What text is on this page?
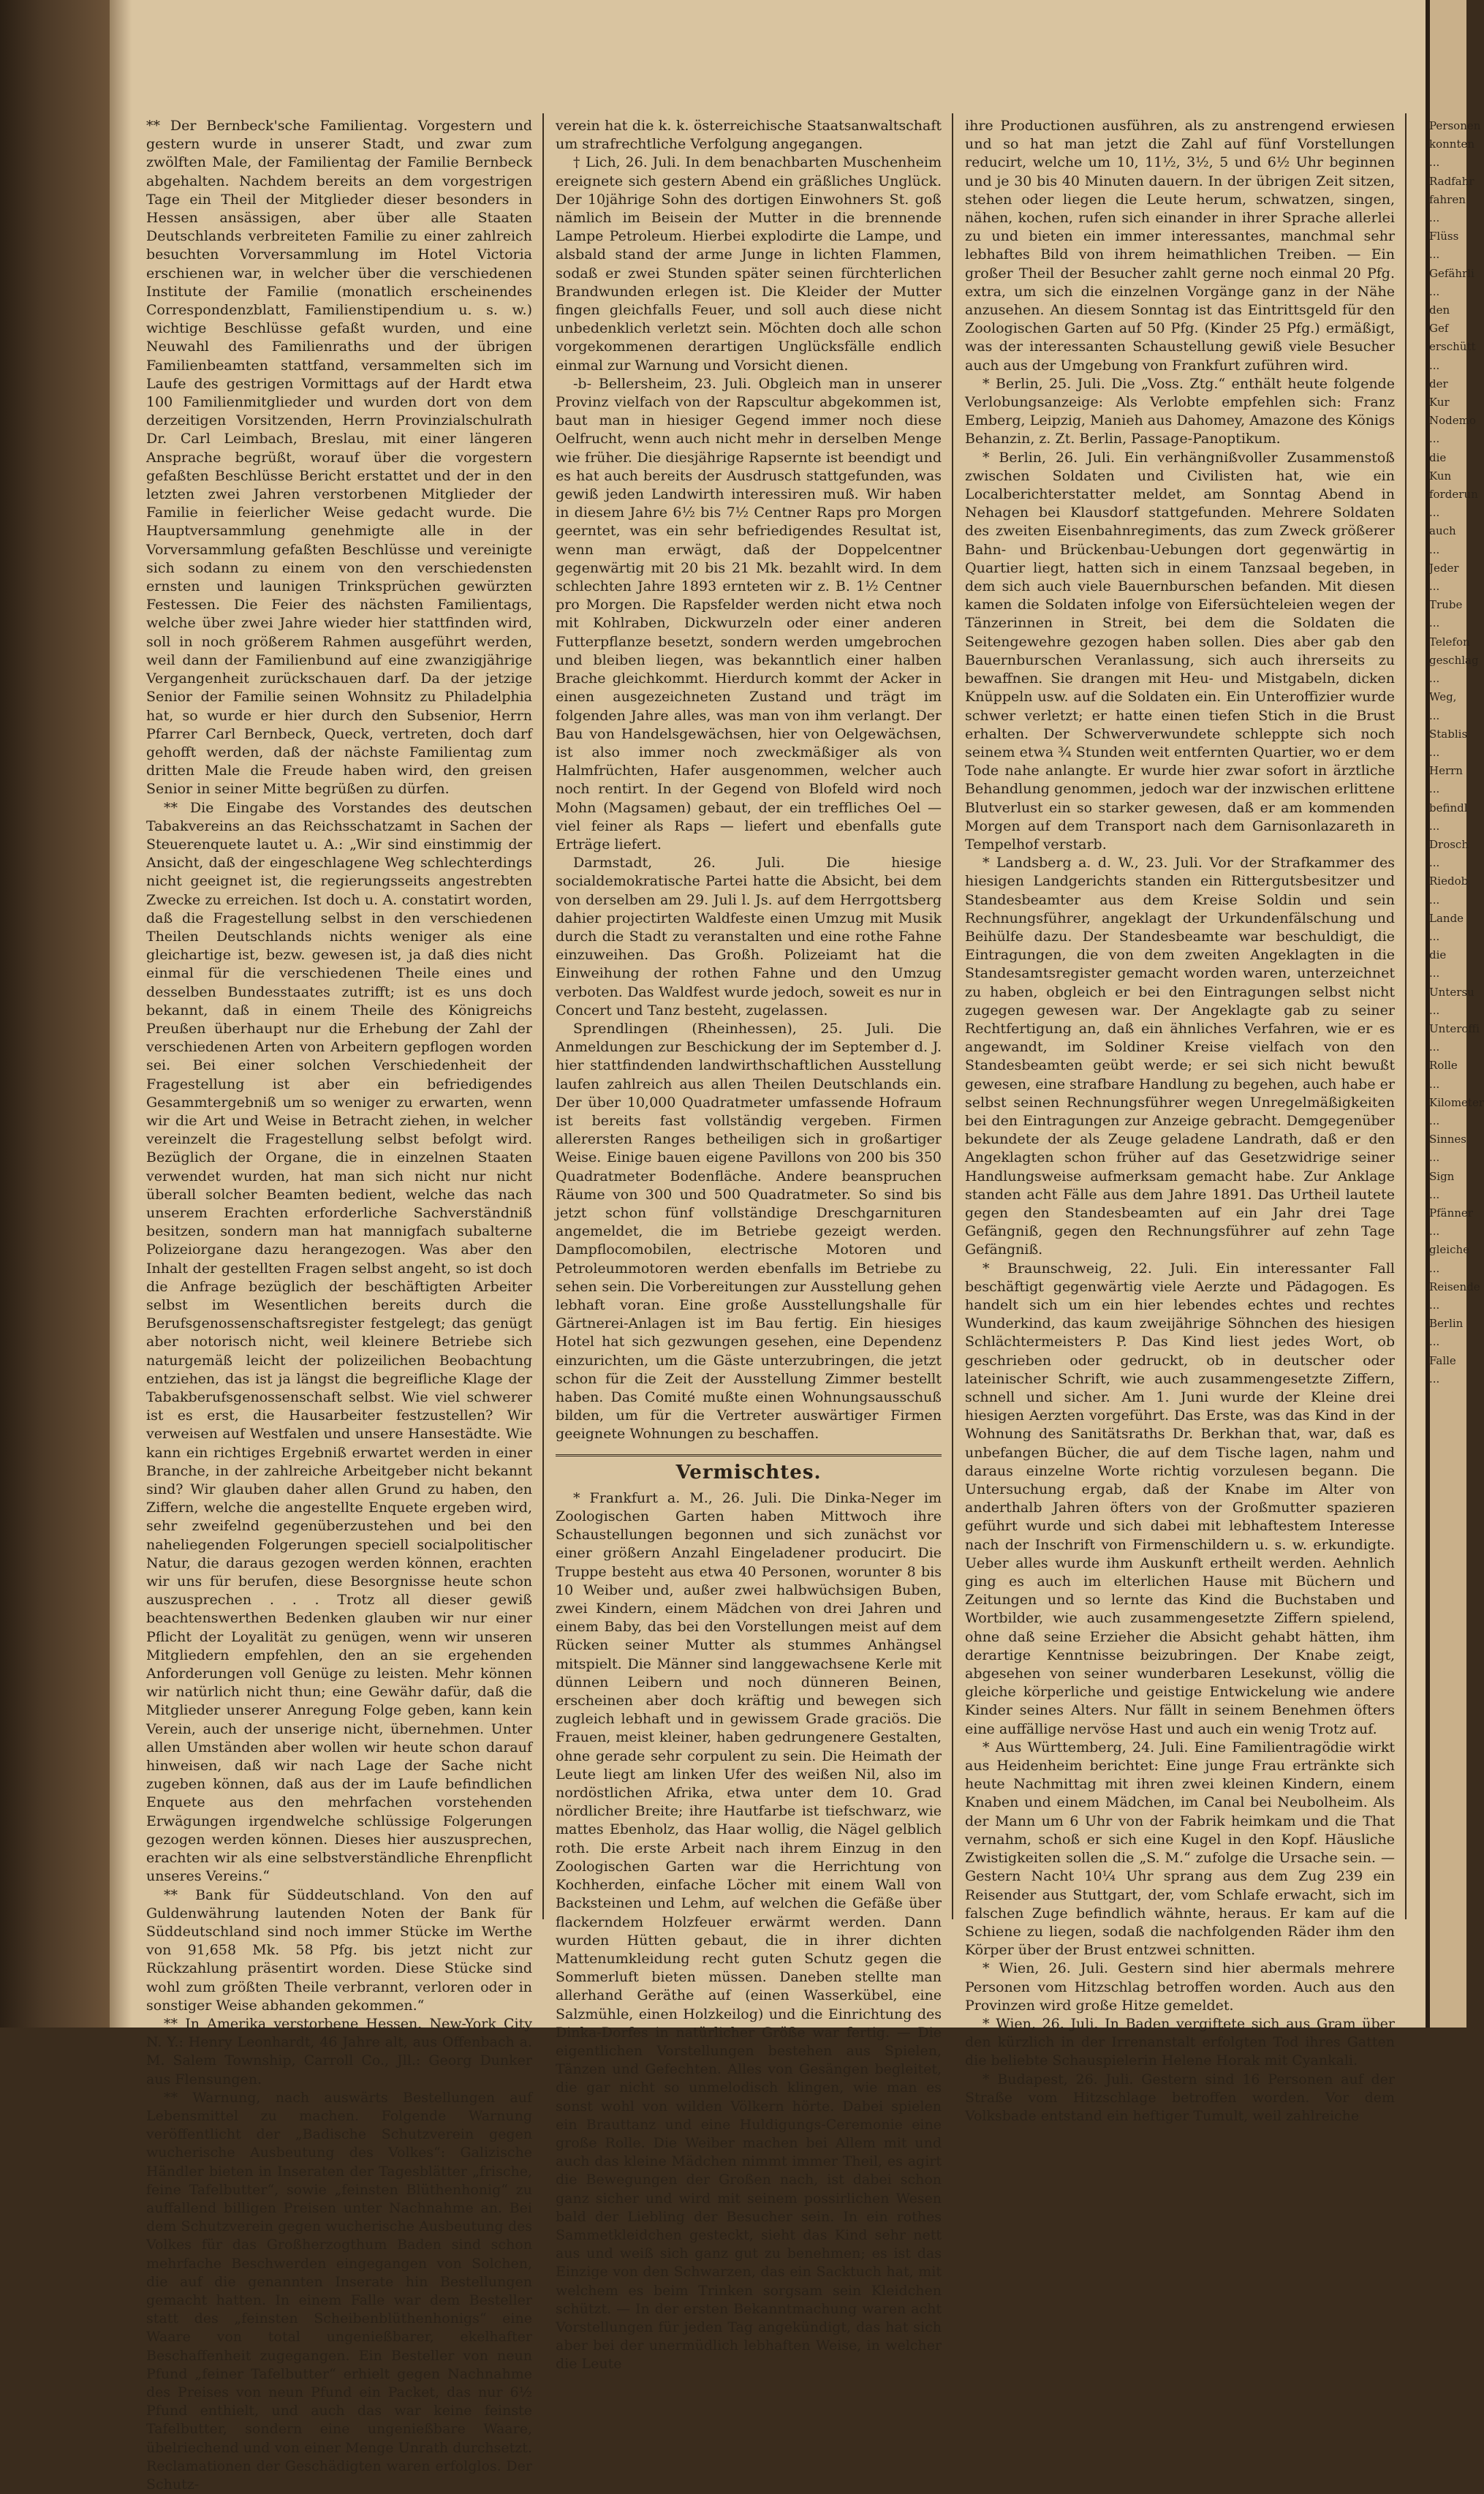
** Der Bernbeck'sche Familientag. Vorgestern und gestern wurde in unserer Stadt, und zwar zum zwölften Male, der Familientag der Familie Bernbeck abgehalten. Nachdem bereits an dem vorgestrigen Tage ein Theil der Mitglieder dieser besonders in Hessen ansässigen, aber über alle Staaten Deutschlands verbreiteten Familie zu einer zahlreich besuchten Vorversammlung im Hotel Victoria erschienen war, in welcher über die verschiedenen Institute der Familie (monatlich erscheinendes Correspondenzblatt, Familienstipendium u. s. w.) wichtige Beschlüsse gefaßt wurden, und eine Neuwahl des Familienraths und der übrigen Familienbeamten stattfand, versammelten sich im Laufe des gestrigen Vormittags auf der Hardt etwa 100 Familienmitglieder und wurden dort von dem derzeitigen Vorsitzenden, Herrn Provinzialschulrath Dr. Carl Leimbach, Breslau, mit einer längeren Ansprache begrüßt, worauf über die vorgestern gefaßten Beschlüsse Bericht erstattet und der in den letzten zwei Jahren verstorbenen Mitglieder der Familie in feierlicher Weise gedacht wurde. Die Hauptversammlung genehmigte alle in der Vorversammlung gefaßten Beschlüsse und vereinigte sich sodann zu einem von den verschiedensten ernsten und launigen Trinksprüchen gewürzten Festessen. Die Feier des nächsten Familientags, welche über zwei Jahre wieder hier stattfinden wird, soll in noch größerem Rahmen ausgeführt werden, weil dann der Familienbund auf eine zwanzigjährige Vergangenheit zurückschauen darf. Da der jetzige Senior der Familie seinen Wohnsitz zu Philadelphia hat, so wurde er hier durch den Subsenior, Herrn Pfarrer Carl Bernbeck, Queck, vertreten, doch darf gehofft werden, daß der nächste Familientag zum dritten Male die Freude haben wird, den greisen Senior in seiner Mitte begrüßen zu dürfen.

** Die Eingabe des Vorstandes des deutschen Tabakvereins an das Reichsschatzamt in Sachen der Steuerenquete lautet u. A.: „Wir sind einstimmig der Ansicht, daß der eingeschlagene Weg schlechterdings nicht geeignet ist, die regierungsseits angestrebten Zwecke zu erreichen. Ist doch u. A. constatirt worden, daß die Fragestellung selbst in den verschiedenen Theilen Deutschlands nichts weniger als eine gleichartige ist, bezw. gewesen ist, ja daß dies nicht einmal für die verschiedenen Theile eines und desselben Bundesstaates zutrifft; ist es uns doch bekannt, daß in einem Theile des Königreichs Preußen überhaupt nur die Erhebung der Zahl der verschiedenen Arten von Arbeitern gepflogen worden sei. Bei einer solchen Verschiedenheit der Fragestellung ist aber ein befriedigendes Gesammtergebniß um so weniger zu erwarten, wenn wir die Art und Weise in Betracht ziehen, in welcher vereinzelt die Fragestellung selbst befolgt wird. Bezüglich der Organe, die in einzelnen Staaten verwendet wurden, hat man sich nicht nur nicht überall solcher Beamten bedient, welche das nach unserem Erachten erforderliche Sachverständniß besitzen, sondern man hat mannigfach subalterne Polizeiorgane dazu herangezogen. Was aber den Inhalt der gestellten Fragen selbst angeht, so ist doch die Anfrage bezüglich der beschäftigten Arbeiter selbst im Wesentlichen bereits durch die Berufsgenossenschaftsregister festgelegt; das genügt aber notorisch nicht, weil kleinere Betriebe sich naturgemäß leicht der polizeilichen Beobachtung entziehen, das ist ja längst die begreifliche Klage der Tabakberufsgenossenschaft selbst. Wie viel schwerer ist es erst, die Hausarbeiter festzustellen? Wir verweisen auf Westfalen und unsere Hansestädte. Wie kann ein richtiges Ergebniß erwartet werden in einer Branche, in der zahlreiche Arbeitgeber nicht bekannt sind? Wir glauben daher allen Grund zu haben, den Ziffern, welche die angestellte Enquete ergeben wird, sehr zweifelnd gegenüberzustehen und bei den naheliegenden Folgerungen speciell socialpolitischer Natur, die daraus gezogen werden können, erachten wir uns für berufen, diese Besorgnisse heute schon auszusprechen . . . Trotz all dieser gewiß beachtenswerthen Bedenken glauben wir nur einer Pflicht der Loyalität zu genügen, wenn wir unseren Mitgliedern empfehlen, den an sie ergehenden Anforderungen voll Genüge zu leisten. Mehr können wir natürlich nicht thun; eine Gewähr dafür, daß die Mitglieder unserer Anregung Folge geben, kann kein Verein, auch der unserige nicht, übernehmen. Unter allen Umständen aber wollen wir heute schon darauf hinweisen, daß wir nach Lage der Sache nicht zugeben können, daß aus der im Laufe befindlichen Enquete aus den mehrfachen vorstehenden Erwägungen irgendwelche schlüssige Folgerungen gezogen werden können. Dieses hier auszusprechen, erachten wir als eine selbstverständliche Ehrenpflicht unseres Vereins.“

** Bank für Süddeutschland. Von den auf Guldenwährung lautenden Noten der Bank für Süddeutschland sind noch immer Stücke im Werthe von 91,658 Mk. 58 Pfg. bis jetzt nicht zur Rückzahlung präsentirt worden. Diese Stücke sind wohl zum größten Theile verbrannt, verloren oder in sonstiger Weise abhanden gekommen.“

** In Amerika verstorbene Hessen. New-York City N. Y.: Henry Leonhardt, 46 Jahre alt, aus Offenbach a. M. Salem Township, Carroll Co., Jll.: Georg Dunker aus Flensungen.

** Warnung, nach auswärts Bestellungen auf Lebensmittel zu machen. Folgende Warnung veröffentlicht der „Badische Schutzverein gegen wucherische Ausbeutung des Volkes“: Galizische Händler bieten in Inseraten der Tagesblätter „frische, feine Tafelbutter“, sowie „feinsten Blüthenhonig“ zu auffallend billigen Preisen unter Nachnahme an. Bei dem Schutzverein gegen wucherische Ausbeutung des Volkes für das Großherzogthum Baden sind schon mehrfache Beschwerden eingegangen von Solchen, die auf die genannten Inserate hin Bestellungen gemacht hatten. In einem Falle war dem Besteller statt des „feinsten Scheibenblüthenhonigs“ eine Waare von total ungenießbarer, ekelhafter Beschaffenheit zugegangen. Ein Besteller von neun Pfund „feiner Tafelbutter“ erhielt gegen Nachnahme des Preises von neun Pfund ein Packet, das nur 6½ Pfund enthielt, und auch das war keine feinste Tafelbutter, sondern eine ungenießbare Waare, übelriechend und von einer Menge Unrath durchsetzt. Reclamationen der Geschädigten waren erfolglos. Der Schutz-

verein hat die k. k. österreichische Staatsanwaltschaft um strafrechtliche Verfolgung angegangen.

† Lich, 26. Juli. In dem benachbarten Muschenheim ereignete sich gestern Abend ein gräßliches Unglück. Der 10jährige Sohn des dortigen Einwohners St. goß nämlich im Beisein der Mutter in die brennende Lampe Petroleum. Hierbei explodirte die Lampe, und alsbald stand der arme Junge in lichten Flammen, sodaß er zwei Stunden später seinen fürchterlichen Brandwunden erlegen ist. Die Kleider der Mutter fingen gleichfalls Feuer, und soll auch diese nicht unbedenklich verletzt sein. Möchten doch alle schon vorgekommenen derartigen Unglücksfälle endlich einmal zur Warnung und Vorsicht dienen.

-b- Bellersheim, 23. Juli. Obgleich man in unserer Provinz vielfach von der Rapscultur abgekommen ist, baut man in hiesiger Gegend immer noch diese Oelfrucht, wenn auch nicht mehr in derselben Menge wie früher. Die diesjährige Rapsernte ist beendigt und es hat auch bereits der Ausdrusch stattgefunden, was gewiß jeden Landwirth interessiren muß. Wir haben in diesem Jahre 6½ bis 7½ Centner Raps pro Morgen geerntet, was ein sehr befriedigendes Resultat ist, wenn man erwägt, daß der Doppelcentner gegenwärtig mit 20 bis 21 Mk. bezahlt wird. In dem schlechten Jahre 1893 ernteten wir z. B. 1½ Centner pro Morgen. Die Rapsfelder werden nicht etwa noch mit Kohlraben, Dickwurzeln oder einer anderen Futterpflanze besetzt, sondern werden umgebrochen und bleiben liegen, was bekanntlich einer halben Brache gleichkommt. Hierdurch kommt der Acker in einen ausgezeichneten Zustand und trägt im folgenden Jahre alles, was man von ihm verlangt. Der Bau von Handelsgewächsen, hier von Oelgewächsen, ist also immer noch zweckmäßiger als von Halmfrüchten, Hafer ausgenommen, welcher auch noch rentirt. In der Gegend von Blofeld wird noch Mohn (Magsamen) gebaut, der ein treffliches Oel — viel feiner als Raps — liefert und ebenfalls gute Erträge liefert.

Darmstadt, 26. Juli. Die hiesige socialdemokratische Partei hatte die Absicht, bei dem von derselben am 29. Juli l. Js. auf dem Herrgottsberg dahier projectirten Waldfeste einen Umzug mit Musik durch die Stadt zu veranstalten und eine rothe Fahne einzuweihen. Das Großh. Polizeiamt hat die Einweihung der rothen Fahne und den Umzug verboten. Das Waldfest wurde jedoch, soweit es nur in Concert und Tanz besteht, zugelassen.

Sprendlingen (Rheinhessen), 25. Juli. Die Anmeldungen zur Beschickung der im September d. J. hier stattfindenden landwirthschaftlichen Ausstellung laufen zahlreich aus allen Theilen Deutschlands ein. Der über 10,000 Quadratmeter umfassende Hofraum ist bereits fast vollständig vergeben. Firmen allerersten Ranges betheiligen sich in großartiger Weise. Einige bauen eigene Pavillons von 200 bis 350 Quadratmeter Bodenfläche. Andere beanspruchen Räume von 300 und 500 Quadratmeter. So sind bis jetzt schon fünf vollständige Dreschgarnituren angemeldet, die im Betriebe gezeigt werden. Dampflocomobilen, electrische Motoren und Petroleummotoren werden ebenfalls im Betriebe zu sehen sein. Die Vorbereitungen zur Ausstellung gehen lebhaft voran. Eine große Ausstellungshalle für Gärtnerei-Anlagen ist im Bau fertig. Ein hiesiges Hotel hat sich gezwungen gesehen, eine Dependenz einzurichten, um die Gäste unterzubringen, die jetzt schon für die Zeit der Ausstellung Zimmer bestellt haben. Das Comité mußte einen Wohnungsausschuß bilden, um für die Vertreter auswärtiger Firmen geeignete Wohnungen zu beschaffen.

Vermischtes.

* Frankfurt a. M., 26. Juli. Die Dinka-Neger im Zoologischen Garten haben Mittwoch ihre Schaustellungen begonnen und sich zunächst vor einer größern Anzahl Eingeladener producirt. Die Truppe besteht aus etwa 40 Personen, worunter 8 bis 10 Weiber und, außer zwei halbwüchsigen Buben, zwei Kindern, einem Mädchen von drei Jahren und einem Baby, das bei den Vorstellungen meist auf dem Rücken seiner Mutter als stummes Anhängsel mitspielt. Die Männer sind langgewachsene Kerle mit dünnen Leibern und noch dünneren Beinen, erscheinen aber doch kräftig und bewegen sich zugleich lebhaft und in gewissem Grade graciös. Die Frauen, meist kleiner, haben gedrungenere Gestalten, ohne gerade sehr corpulent zu sein. Die Heimath der Leute liegt am linken Ufer des weißen Nil, also im nordöstlichen Afrika, etwa unter dem 10. Grad nördlicher Breite; ihre Hautfarbe ist tiefschwarz, wie mattes Ebenholz, das Haar wollig, die Nägel gelblich roth. Die erste Arbeit nach ihrem Einzug in den Zoologischen Garten war die Herrichtung von Kochherden, einfache Löcher mit einem Wall von Backsteinen und Lehm, auf welchen die Gefäße über flackerndem Holzfeuer erwärmt werden. Dann wurden Hütten gebaut, die in ihrer dichten Mattenumkleidung recht guten Schutz gegen die Sommerluft bieten müssen. Daneben stellte man allerhand Geräthe auf (einen Wasserkübel, eine Salzmühle, einen Holzkeilog) und die Einrichtung des Dinka-Dorfes in natürlicher Größe war fertig. — Die eigentlichen Vorstellungen bestehen aus Spielen, Tänzen und Gefechten. Alles von Gesängen begleitet, die gar nicht so unmelodisch klingen, wie man es sonst wohl von wilden Völkern hörte. Dabei spielen ein Brauttanz und eine Huldigungs-Ceremonie eine große Rolle. Die Weiber machen bei Allem mit und auch das kleine Mädchen nimmt immer Theil, es agirt die Bewegungen der Großen nach, ist dabei schon ganz sicher und wird mit seinem possirlichen Wesen bald der Liebling der Besucher sein. In ein rothes Sammetkleidchen gesteckt, sieht das Kind sehr nett aus und weiß sich ganz gut zu benehmen; es ist das Einzige von den Schwarzen, das ein Sacktuch hat, mit welchem es beim Trinken sorgsam sein Kleidchen schützt. — In der ersten Bekanntmachung waren acht Vorstellungen für jeden Tag angekündigt, das hat sich aber bei der unermüdlich lebhaften Weise, in welcher die Leute

ihre Productionen ausführen, als zu anstrengend erwiesen und so hat man jetzt die Zahl auf fünf Vorstellungen reducirt, welche um 10, 11½, 3½, 5 und 6½ Uhr beginnen und je 30 bis 40 Minuten dauern. In der übrigen Zeit sitzen, stehen oder liegen die Leute herum, schwatzen, singen, nähen, kochen, rufen sich einander in ihrer Sprache allerlei zu und bieten ein immer interessantes, manchmal sehr lebhaftes Bild von ihrem heimathlichen Treiben. — Ein großer Theil der Besucher zahlt gerne noch einmal 20 Pfg. extra, um sich die einzelnen Vorgänge ganz in der Nähe anzusehen. An diesem Sonntag ist das Eintrittsgeld für den Zoologischen Garten auf 50 Pfg. (Kinder 25 Pfg.) ermäßigt, was der interessanten Schaustellung gewiß viele Besucher auch aus der Umgebung von Frankfurt zuführen wird.

* Berlin, 25. Juli. Die „Voss. Ztg.“ enthält heute folgende Verlobungsanzeige: Als Verlobte empfehlen sich: Franz Emberg, Leipzig, Manieh aus Dahomey, Amazone des Königs Behanzin, z. Zt. Berlin, Passage-Panoptikum.

* Berlin, 26. Juli. Ein verhängnißvoller Zusammenstoß zwischen Soldaten und Civilisten hat, wie ein Localberichterstatter meldet, am Sonntag Abend in Nehagen bei Klausdorf stattgefunden. Mehrere Soldaten des zweiten Eisenbahnregiments, das zum Zweck größerer Bahn- und Brückenbau-Uebungen dort gegenwärtig in Quartier liegt, hatten sich in einem Tanzsaal begeben, in dem sich auch viele Bauernburschen befanden. Mit diesen kamen die Soldaten infolge von Eifersüchteleien wegen der Tänzerinnen in Streit, bei dem die Soldaten die Seitengewehre gezogen haben sollen. Dies aber gab den Bauernburschen Veranlassung, sich auch ihrerseits zu bewaffnen. Sie drangen mit Heu- und Mistgabeln, dicken Knüppeln usw. auf die Soldaten ein. Ein Unteroffizier wurde schwer verletzt; er hatte einen tiefen Stich in die Brust erhalten. Der Schwerverwundete schleppte sich noch seinem etwa ¾ Stunden weit entfernten Quartier, wo er dem Tode nahe anlangte. Er wurde hier zwar sofort in ärztliche Behandlung genommen, jedoch war der inzwischen erlittene Blutverlust ein so starker gewesen, daß er am kommenden Morgen auf dem Transport nach dem Garnisonlazareth in Tempelhof verstarb.

* Landsberg a. d. W., 23. Juli. Vor der Strafkammer des hiesigen Landgerichts standen ein Rittergutsbesitzer und Standesbeamter aus dem Kreise Soldin und sein Rechnungsführer, angeklagt der Urkundenfälschung und Beihülfe dazu. Der Standesbeamte war beschuldigt, die Eintragungen, die von dem zweiten Angeklagten in die Standesamtsregister gemacht worden waren, unterzeichnet zu haben, obgleich er bei den Eintragungen selbst nicht zugegen gewesen war. Der Angeklagte gab zu seiner Rechtfertigung an, daß ein ähnliches Verfahren, wie er es angewandt, im Soldiner Kreise vielfach von den Standesbeamten geübt werde; er sei sich nicht bewußt gewesen, eine strafbare Handlung zu begehen, auch habe er selbst seinen Rechnungsführer wegen Unregelmäßigkeiten bei den Eintragungen zur Anzeige gebracht. Demgegenüber bekundete der als Zeuge geladene Landrath, daß er den Angeklagten schon früher auf das Gesetzwidrige seiner Handlungsweise aufmerksam gemacht habe. Zur Anklage standen acht Fälle aus dem Jahre 1891. Das Urtheil lautete gegen den Standesbeamten auf ein Jahr drei Tage Gefängniß, gegen den Rechnungsführer auf zehn Tage Gefängniß.

* Braunschweig, 22. Juli. Ein interessanter Fall beschäftigt gegenwärtig viele Aerzte und Pädagogen. Es handelt sich um ein hier lebendes echtes und rechtes Wunderkind, das kaum zweijährige Söhnchen des hiesigen Schlächtermeisters P. Das Kind liest jedes Wort, ob geschrieben oder gedruckt, ob in deutscher oder lateinischer Schrift, wie auch zusammengesetzte Ziffern, schnell und sicher. Am 1. Juni wurde der Kleine drei hiesigen Aerzten vorgeführt. Das Erste, was das Kind in der Wohnung des Sanitätsraths Dr. Berkhan that, war, daß es unbefangen Bücher, die auf dem Tische lagen, nahm und daraus einzelne Worte richtig vorzulesen begann. Die Untersuchung ergab, daß der Knabe im Alter von anderthalb Jahren öfters von der Großmutter spazieren geführt wurde und sich dabei mit lebhaftestem Interesse nach der Inschrift von Firmenschildern u. s. w. erkundigte. Ueber alles wurde ihm Auskunft ertheilt werden. Aehnlich ging es auch im elterlichen Hause mit Büchern und Zeitungen und so lernte das Kind die Buchstaben und Wortbilder, wie auch zusammengesetzte Ziffern spielend, ohne daß seine Erzieher die Absicht gehabt hätten, ihm derartige Kenntnisse beizubringen. Der Knabe zeigt, abgesehen von seiner wunderbaren Lesekunst, völlig die gleiche körperliche und geistige Entwickelung wie andere Kinder seines Alters. Nur fällt in seinem Benehmen öfters eine auffällige nervöse Hast und auch ein wenig Trotz auf.

* Aus Württemberg, 24. Juli. Eine Familientragödie wirkt aus Heidenheim berichtet: Eine junge Frau ertränkte sich heute Nachmittag mit ihren zwei kleinen Kindern, einem Knaben und einem Mädchen, im Canal bei Neubolheim. Als der Mann um 6 Uhr von der Fabrik heimkam und die That vernahm, schoß er sich eine Kugel in den Kopf. Häusliche Zwistigkeiten sollen die „S. M.“ zufolge die Ursache sein. — Gestern Nacht 10¼ Uhr sprang aus dem Zug 239 ein Reisender aus Stuttgart, der, vom Schlafe erwacht, sich im falschen Zuge befindlich wähnte, heraus. Er kam auf die Schiene zu liegen, sodaß die nachfolgenden Räder ihm den Körper über der Brust entzwei schnitten.

* Wien, 26. Juli. Gestern sind hier abermals mehrere Personen vom Hitzschlag betroffen worden. Auch aus den Provinzen wird große Hitze gemeldet.

* Wien, 26. Juli. In Baden vergiftete sich aus Gram über den kürzlich in der Irrenanstalt erfolgten Tod ihres Gatten die beliebte Schauspielerin Helene Horak mit Cyankali.

* Budapest, 26. Juli. Gestern sind 16 Personen auf der Straße vom Hitzschlage betroffen worden. Vor dem Volksbade entstand ein heftiger Tumult, weil zahlreiche

Personen konnten ... Radfahr fahren ... Flüss ... Gefährli ... den Gef erschütt ... der Kur Nodemo ... die Kun forderun ... auch ... Jeder ... Trube ... Telefon geschlag ... Weg, ... Stablis ... Herrn ... befindl ... Drosch ... Riedob ... Lande ... die ... Untersu ... Unteroffi ... Rolle ... Kilometer ... Sinnes ... Sign ... Pfänner ... gleiche ... Reisende ... Berlin ... Falle ...
